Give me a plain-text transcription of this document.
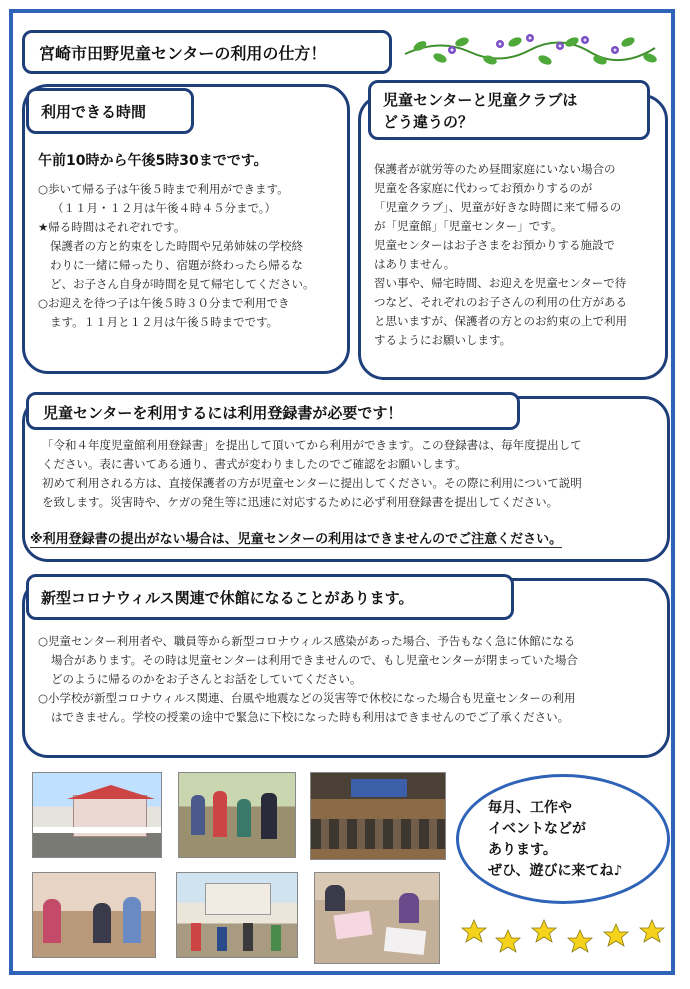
宮崎市田野児童センターの利用の仕方！
利用できる時間
午前10時から午後5時30までです。

○歩いて帰る子は午後５時まで利用ができます。

（１１月・１２月は午後４時４５分まで。）

★帰る時間はそれぞれです。

保護者の方と約束をした時間や兄弟姉妹の学校終

わりに一緒に帰ったり、宿題が終わったら帰るな

ど、お子さん自身が時間を見て帰宅してください。

○お迎えを待つ子は午後５時３０分まで利用でき

ます。１１月と１２月は午後５時までです。

児童センターと児童クラブは
どう違うの？

保護者が就労等のため昼間家庭にいない場合の

児童を各家庭に代わってお預かりするのが

「児童クラブ」、児童が好きな時間に来て帰るの

が「児童館」「児童センター」です。

児童センターはお子さまをお預かりする施設で

はありません。

習い事や、帰宅時間、お迎えを児童センターで待

つなど、それぞれのお子さんの利用の仕方がある

と思いますが、保護者の方とのお約束の上で利用

するようにお願いします。

児童センターを利用するには利用登録書が必要です！

「令和４年度児童館利用登録書」を提出して頂いてから利用ができます。この登録書は、毎年度提出して

ください。表に書いてある通り、書式が変わりましたのでご確認をお願いします。

初めて利用される方は、直接保護者の方が児童センターに提出してください。その際に利用について説明

を致します。災害時や、ケガの発生等に迅速に対応するために必ず利用登録書を提出してください。

※利用登録書の提出がない場合は、児童センターの利用はできませんのでご注意ください。
新型コロナウィルス関連で休館になることがあります。

○児童センター利用者や、職員等から新型コロナウィルス感染があった場合、予告もなく急に休館になる

場合があります。その時は児童センターは利用できませんので、もし児童センターが閉まっていた場合

どのように帰るのかをお子さんとお話をしていてください。

○小学校が新型コロナウィルス関連、台風や地震などの災害等で休校になった場合も児童センターの利用

はできません。学校の授業の途中で緊急に下校になった時も利用はできませんのでご了承ください。

毎月、工作や
イベントなどが
あります。
ぜひ、遊びに来てね♪
